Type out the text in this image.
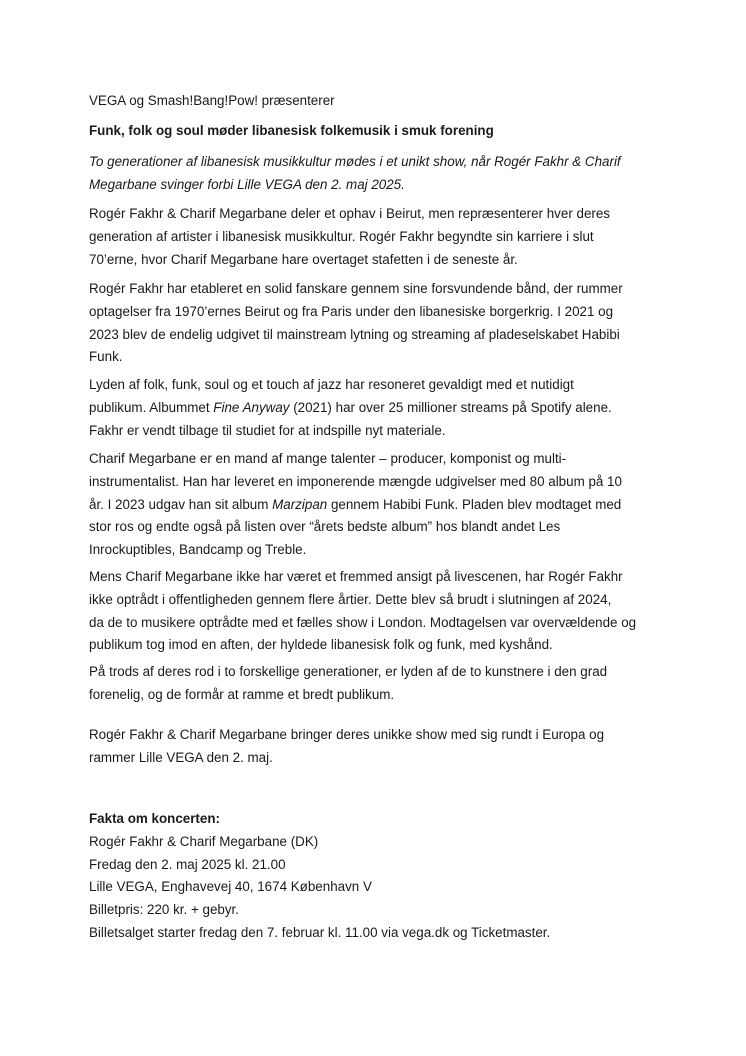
VEGA og Smash!Bang!Pow! præsenterer

Funk, folk og soul møder libanesisk folkemusik i smuk forening

To generationer af libanesisk musikkultur mødes i et unikt show, når Rogér Fakhr & Charif

Megarbane svinger forbi Lille VEGA den 2. maj 2025.

Rogér Fakhr & Charif Megarbane deler et ophav i Beirut, men repræsenterer hver deres

generation af artister i libanesisk musikkultur. Rogér Fakhr begyndte sin karriere i slut

70’erne, hvor Charif Megarbane hare overtaget stafetten i de seneste år.

Rogér Fakhr har etableret en solid fanskare gennem sine forsvundende bånd, der rummer

optagelser fra 1970’ernes Beirut og fra Paris under den libanesiske borgerkrig. I 2021 og

2023 blev de endelig udgivet til mainstream lytning og streaming af pladeselskabet Habibi

Funk.

Lyden af folk, funk, soul og et touch af jazz har resoneret gevaldigt med et nutidigt

publikum. Albummet Fine Anyway (2021) har over 25 millioner streams på Spotify alene.

Fakhr er vendt tilbage til studiet for at indspille nyt materiale.

Charif Megarbane er en mand af mange talenter – producer, komponist og multi-

instrumentalist. Han har leveret en imponerende mængde udgivelser med 80 album på 10

år. I 2023 udgav han sit album Marzipan gennem Habibi Funk. Pladen blev modtaget med

stor ros og endte også på listen over “årets bedste album” hos blandt andet Les

Inrockuptibles, Bandcamp og Treble.

Mens Charif Megarbane ikke har været et fremmed ansigt på livescenen, har Rogér Fakhr

ikke optrådt i offentligheden gennem flere årtier. Dette blev så brudt i slutningen af 2024,

da de to musikere optrådte med et fælles show i London. Modtagelsen var overvældende og

publikum tog imod en aften, der hyldede libanesisk folk og funk, med kyshånd.

På trods af deres rod i to forskellige generationer, er lyden af de to kunstnere i den grad

forenelig, og de formår at ramme et bredt publikum.

Rogér Fakhr & Charif Megarbane bringer deres unikke show med sig rundt i Europa og

rammer Lille VEGA den 2. maj.

Fakta om koncerten:

Rogér Fakhr & Charif Megarbane (DK)

Fredag den 2. maj 2025 kl. 21.00

Lille VEGA, Enghavevej 40, 1674 København V

Billetpris: 220 kr. + gebyr.

Billetsalget starter fredag den 7. februar kl. 11.00 via vega.dk og Ticketmaster.
